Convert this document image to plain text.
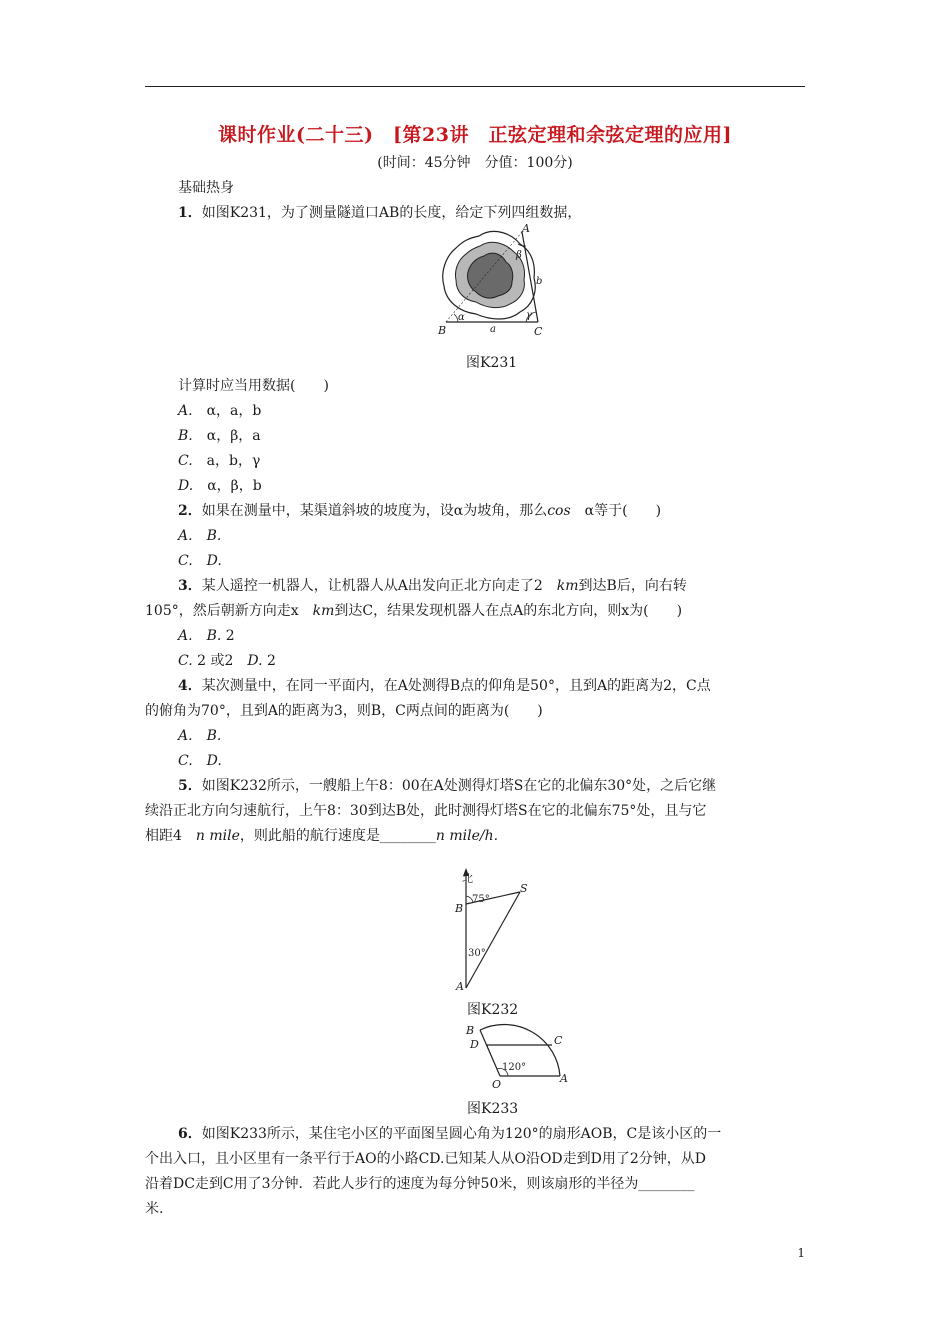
课时作业(二十三)　[第23讲　正弦定理和余弦定理的应用]
(时间：45分钟　分值：100分)
基础热身
1．如图K231，为了测量隧道口AB的长度，给定下列四组数据，
A
B	C
α
β
γ
a
b
图K231
计算时应当用数据(　　)
A.　 α，a，b
B.　 α，β，a
C.　 a，b，γ
D.　 α，β，b
2．如果在测量中，某渠道斜坡的坡度为，设α为坡角，那么cos　 α等于(　　)
A.　 B.
C.　 D.
3．某人遥控一机器人，让机器人从A出发向正北方向走了2　km到达B后，向右转
105°，然后朝新方向走x　km到达C，结果发现机器人在点A的东北方向，则x为(　　)
A.　 B. 2
C. 2 或2　 D. 2
4．某次测量中，在同一平面内，在A处测得B点的仰角是50°，且到A的距离为2，C点
的俯角为70°，且到A的距离为3，则B，C两点间的距离为(　　)
A.　 B.
C.　 D.
5．如图K232所示，一艘船上午8：00在A处测得灯塔S在它的北偏东30°处，之后它继
续沿正北方向匀速航行，上午8：30到达B处，此时测得灯塔S在它的北偏东75°处，且与它
相距4　n mile，则此船的航行速度是________n mile/h.
北
B
S
A
75°
30°
图K232
B
D	C
O	A
120°
图K233
6．如图K233所示，某住宅小区的平面图呈圆心角为120°的扇形AOB，C是该小区的一
个出入口，且小区里有一条平行于AO的小路CD.已知某人从O沿OD走到D用了2分钟，从D
沿着DC走到C用了3分钟．若此人步行的速度为每分钟50米，则该扇形的半径为________
米.
1
